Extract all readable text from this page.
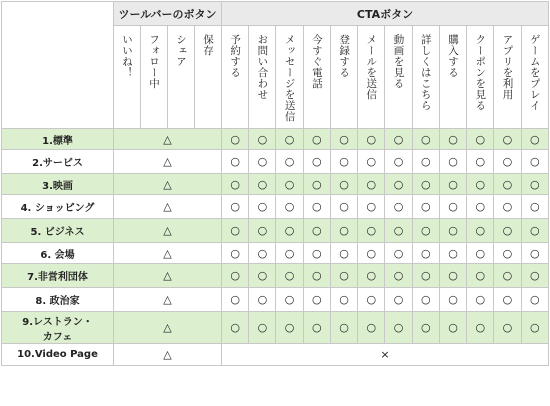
	ツールバーのボタン				CTAボタン											
	いいね！	フォロー中	シェア	保存	予約する	お問い合わせ	メッセージを送信	今すぐ電話	登録する	メールを送信	動画を見る	詳しくはこちら	購入する	クーポンを見る	アプリを利用	ゲームをプレイ
1.標準	△				○	○	○	○	○	○	○	○	○	○	○	○
2.サービス	△				○	○	○	○	○	○	○	○	○	○	○	○
3.映画	△				○	○	○	○	○	○	○	○	○	○	○	○
4. ショッピング	△				○	○	○	○	○	○	○	○	○	○	○	○
5. ビジネス	△				○	○	○	○	○	○	○	○	○	○	○	○
6. 会場	△				○	○	○	○	○	○	○	○	○	○	○	○
7.非営利団体	△				○	○	○	○	○	○	○	○	○	○	○	○
8. 政治家	△				○	○	○	○	○	○	○	○	○	○	○	○
9.レストラン・
カフェ	△				○	○	○	○	○	○	○	○	○	○	○	○
10.Video Page	△				×											
